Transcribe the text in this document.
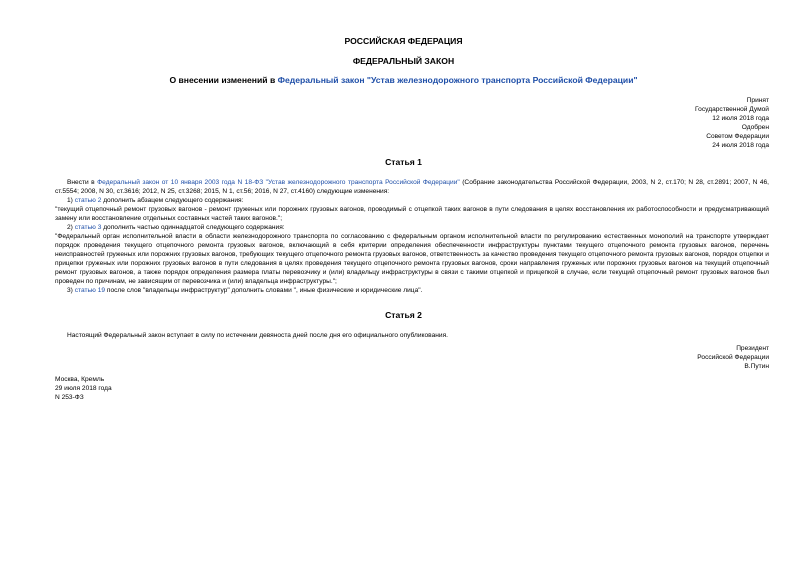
РОССИЙСКАЯ ФЕДЕРАЦИЯ
ФЕДЕРАЛЬНЫЙ ЗАКОН
О внесении изменений в Федеральный закон "Устав железнодорожного транспорта Российской Федерации"
Принят
Государственной Думой
12 июля 2018 года
Одобрен
Советом Федерации
24 июля 2018 года
Статья 1

Внести в Федеральный закон от 10 января 2003 года N 18-ФЗ "Устав железнодорожного транспорта Российской Федерации" (Собрание законодательства Российской Федерации, 2003, N 2, ст.170; N 28, ст.2891; 2007, N 46, ст.5554; 2008, N 30, ст.3616; 2012, N 25, ст.3268; 2015, N 1, ст.56; 2016, N 27, ст.4160) следующие изменения:

1) статью 2 дополнить абзацем следующего содержания:

"текущий отцепочный ремонт грузовых вагонов - ремонт груженых или порожних грузовых вагонов, проводимый с отцепкой таких вагонов в пути следования в целях восстановления их работоспособности и предусматривающий замену или восстановление отдельных составных частей таких вагонов.";

2) статью 3 дополнить частью одиннадцатой следующего содержания:

"Федеральный орган исполнительной власти в области железнодорожного транспорта по согласованию с федеральным органом исполнительной власти по регулированию естественных монополий на транспорте утверждает порядок проведения текущего отцепочного ремонта грузовых вагонов, включающий в себя критерии определения обеспеченности инфраструктуры пунктами текущего отцепочного ремонта грузовых вагонов, перечень неисправностей груженых или порожних грузовых вагонов, требующих текущего отцепочного ремонта грузовых вагонов, ответственность за качество проведения текущего отцепочного ремонта грузовых вагонов, порядок отцепки и прицепки груженых или порожних грузовых вагонов в пути следования в целях проведения текущего отцепочного ремонта грузовых вагонов, сроки направления груженых или порожних грузовых вагонов на текущий отцепочный ремонт грузовых вагонов, а также порядок определения размера платы перевозчику и (или) владельцу инфраструктуры в связи с такими отцепкой и прицепкой в случае, если текущий отцепочный ремонт грузовых вагонов был проведен по причинам, не зависящим от перевозчика и (или) владельца инфраструктуры.";

3) статью 19 после слов "владельцы инфраструктур" дополнить словами ", иные физические и юридические лица".

Статья 2

Настоящий Федеральный закон вступает в силу по истечении девяноста дней после дня его официального опубликования.

Президент
Российской Федерации
В.Путин
Москва, Кремль
29 июля 2018 года
N 253-ФЗ
